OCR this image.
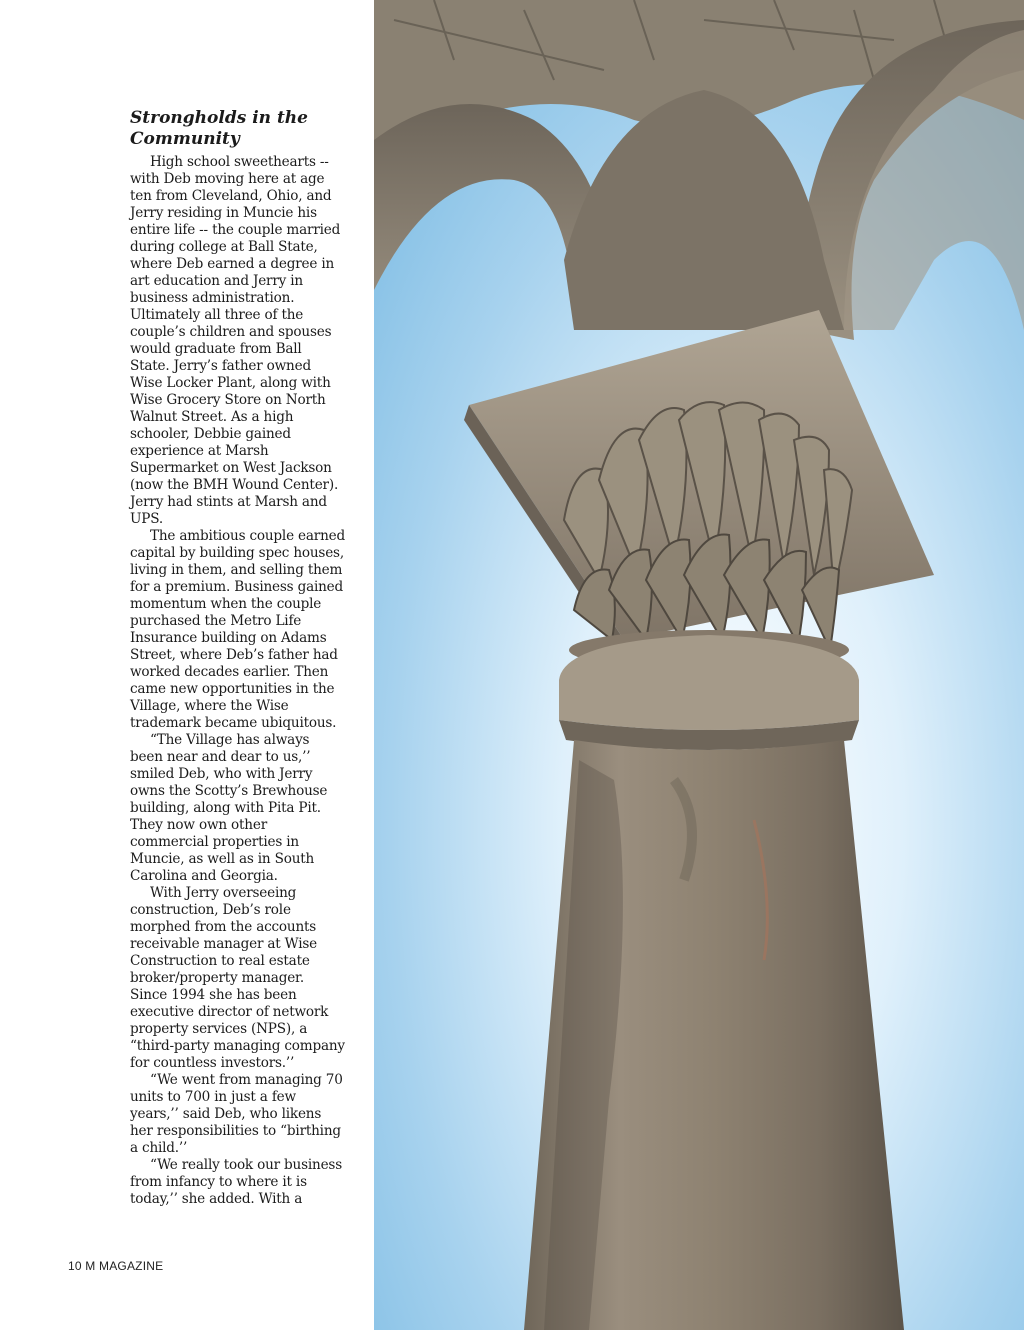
Strongholds in the Community

High school sweethearts -- with Deb moving here at age ten from Cleveland, Ohio, and Jerry residing in Muncie his entire life -- the couple married during college at Ball State, where Deb earned a degree in art education and Jerry in business administration. Ultimately all three of the couple’s children and spouses would graduate from Ball State. Jerry’s father owned Wise Locker Plant, along with Wise Grocery Store on North Walnut Street. As a high schooler, Debbie gained experience at Marsh Supermarket on West Jackson (now the BMH Wound Center). Jerry had stints at Marsh and UPS.

The ambitious couple earned capital by building spec houses, living in them, and selling them for a premium. Business gained momentum when the couple purchased the Metro Life Insurance building on Adams Street, where Deb’s father had worked decades earlier. Then came new opportunities in the Village, where the Wise trademark became ubiquitous.

“The Village has always been near and dear to us,’’ smiled Deb, who with Jerry owns the Scotty’s Brewhouse building, along with Pita Pit. They now own other commercial properties in Muncie, as well as in South Carolina and Georgia.

With Jerry overseeing construction, Deb’s role morphed from the accounts receivable manager at Wise Construction to real estate broker/property manager. Since 1994 she has been executive director of network property services (NPS), a “third-party managing company for countless investors.’’

“We went from managing 70 units to 700 in just a few years,’’ said Deb, who likens her responsibilities to “birthing a child.’’

“We really took our business from infancy to where it is today,’’ she added. With a

10 M MAGAZINE
